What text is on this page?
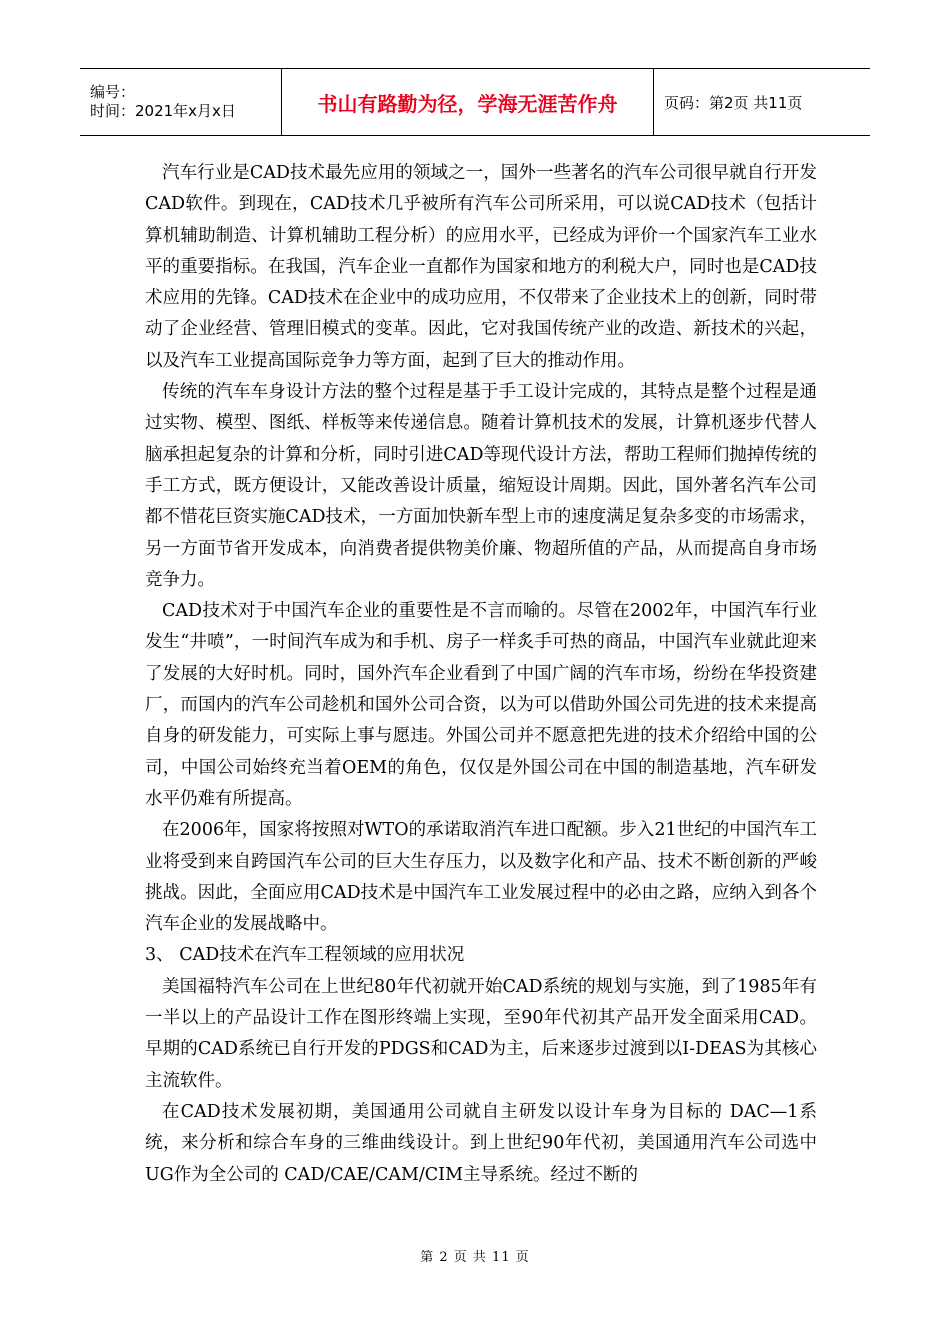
编号：
时间：2021年x月x日	书山有路勤为径，学海无涯苦作舟	页码：第2页 共11页

汽车行业是CAD技术最先应用的领域之一，国外一些著名的汽车公司很早就自行开发CAD软件。到现在，CAD技术几乎被所有汽车公司所采用，可以说CAD技术（包括计算机辅助制造、计算机辅助工程分析）的应用水平，已经成为评价一个国家汽车工业水平的重要指标。在我国，汽车企业一直都作为国家和地方的利税大户，同时也是CAD技术应用的先锋。CAD技术在企业中的成功应用，不仅带来了企业技术上的创新，同时带动了企业经营、管理旧模式的变革。因此，它对我国传统产业的改造、新技术的兴起，以及汽车工业提高国际竞争力等方面，起到了巨大的推动作用。

传统的汽车车身设计方法的整个过程是基于手工设计完成的，其特点是整个过程是通过实物、模型、图纸、样板等来传递信息。随着计算机技术的发展，计算机逐步代替人脑承担起复杂的计算和分析，同时引进CAD等现代设计方法，帮助工程师们抛掉传统的手工方式，既方便设计，又能改善设计质量，缩短设计周期。因此，国外著名汽车公司都不惜花巨资实施CAD技术，一方面加快新车型上市的速度满足复杂多变的市场需求，另一方面节省开发成本，向消费者提供物美价廉、物超所值的产品，从而提高自身市场竞争力。

CAD技术对于中国汽车企业的重要性是不言而喻的。尽管在2002年，中国汽车行业发生“井喷”，一时间汽车成为和手机、房子一样炙手可热的商品，中国汽车业就此迎来了发展的大好时机。同时，国外汽车企业看到了中国广阔的汽车市场，纷纷在华投资建厂，而国内的汽车公司趁机和国外公司合资，以为可以借助外国公司先进的技术来提高自身的研发能力，可实际上事与愿违。外国公司并不愿意把先进的技术介绍给中国的公司，中国公司始终充当着OEM的角色，仅仅是外国公司在中国的制造基地，汽车研发水平仍难有所提高。

在2006年，国家将按照对WTO的承诺取消汽车进口配额。步入21世纪的中国汽车工业将受到来自跨国汽车公司的巨大生存压力，以及数字化和产品、技术不断创新的严峻挑战。因此，全面应用CAD技术是中国汽车工业发展过程中的必由之路，应纳入到各个汽车企业的发展战略中。

3、 CAD技术在汽车工程领域的应用状况

美国福特汽车公司在上世纪80年代初就开始CAD系统的规划与实施，到了1985年有一半以上的产品设计工作在图形终端上实现，至90年代初其产品开发全面采用CAD。早期的CAD系统已自行开发的PDGS和CAD为主，后来逐步过渡到以I-DEAS为其核心主流软件。

在CAD技术发展初期，美国通用公司就自主研发以设计车身为目标的 DAC—1系统，来分析和综合车身的三维曲线设计。到上世纪90年代初，美国通用汽车公司选中UG作为全公司的 CAD/CAE/CAM/CIM主导系统。经过不断的

第 2 页 共 11 页
